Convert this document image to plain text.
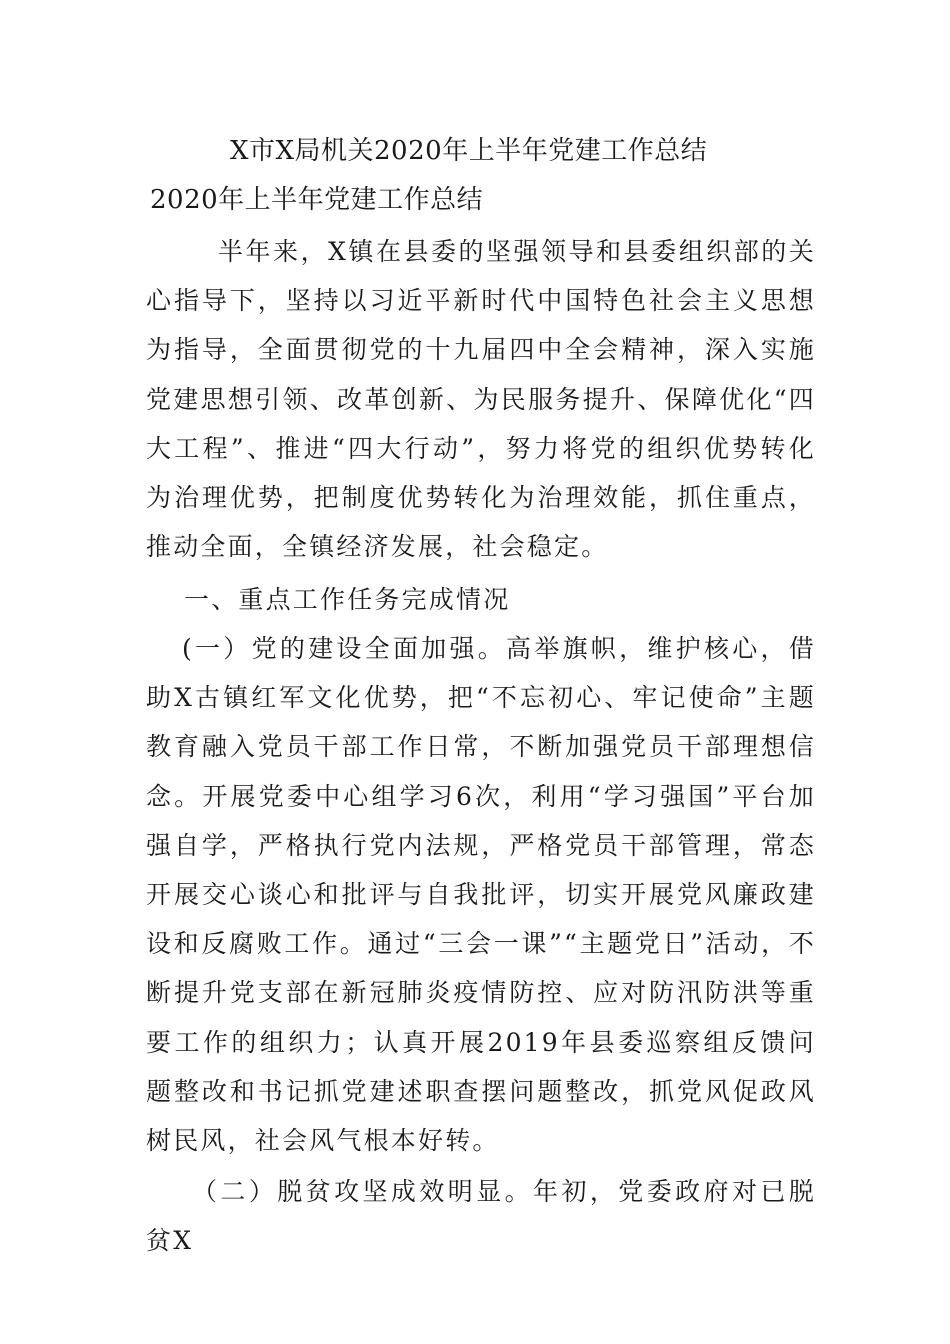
X市X局机关2020年上半年党建工作总结
2020年上半年党建工作总结

半年来，X镇在县委的坚强领导和县委组织部的关心指导下，坚持以习近平新时代中国特色社会主义思想为指导，全面贯彻党的十九届四中全会精神，深入实施党建思想引领、改革创新、为民服务提升、保障优化“四大工程”、推进“四大行动”，努力将党的组织优势转化为治理优势，把制度优势转化为治理效能，抓住重点，推动全面，全镇经济发展，社会稳定。

一、重点工作任务完成情况

(一）党的建设全面加强。高举旗帜，维护核心，借助X古镇红军文化优势，把“不忘初心、牢记使命”主题教育融入党员干部工作日常，不断加强党员干部理想信念。开展党委中心组学习6次，利用“学习强国”平台加强自学，严格执行党内法规，严格党员干部管理，常态开展交心谈心和批评与自我批评，切实开展党风廉政建设和反腐败工作。通过“三会一课”“主题党日”活动，不断提升党支部在新冠肺炎疫情防控、应对防汛防洪等重要工作的组织力；认真开展2019年县委巡察组反馈问题整改和书记抓党建述职查摆问题整改，抓党风促政风树民风，社会风气根本好转。

（二）脱贫攻坚成效明显。年初，党委政府对已脱贫X
